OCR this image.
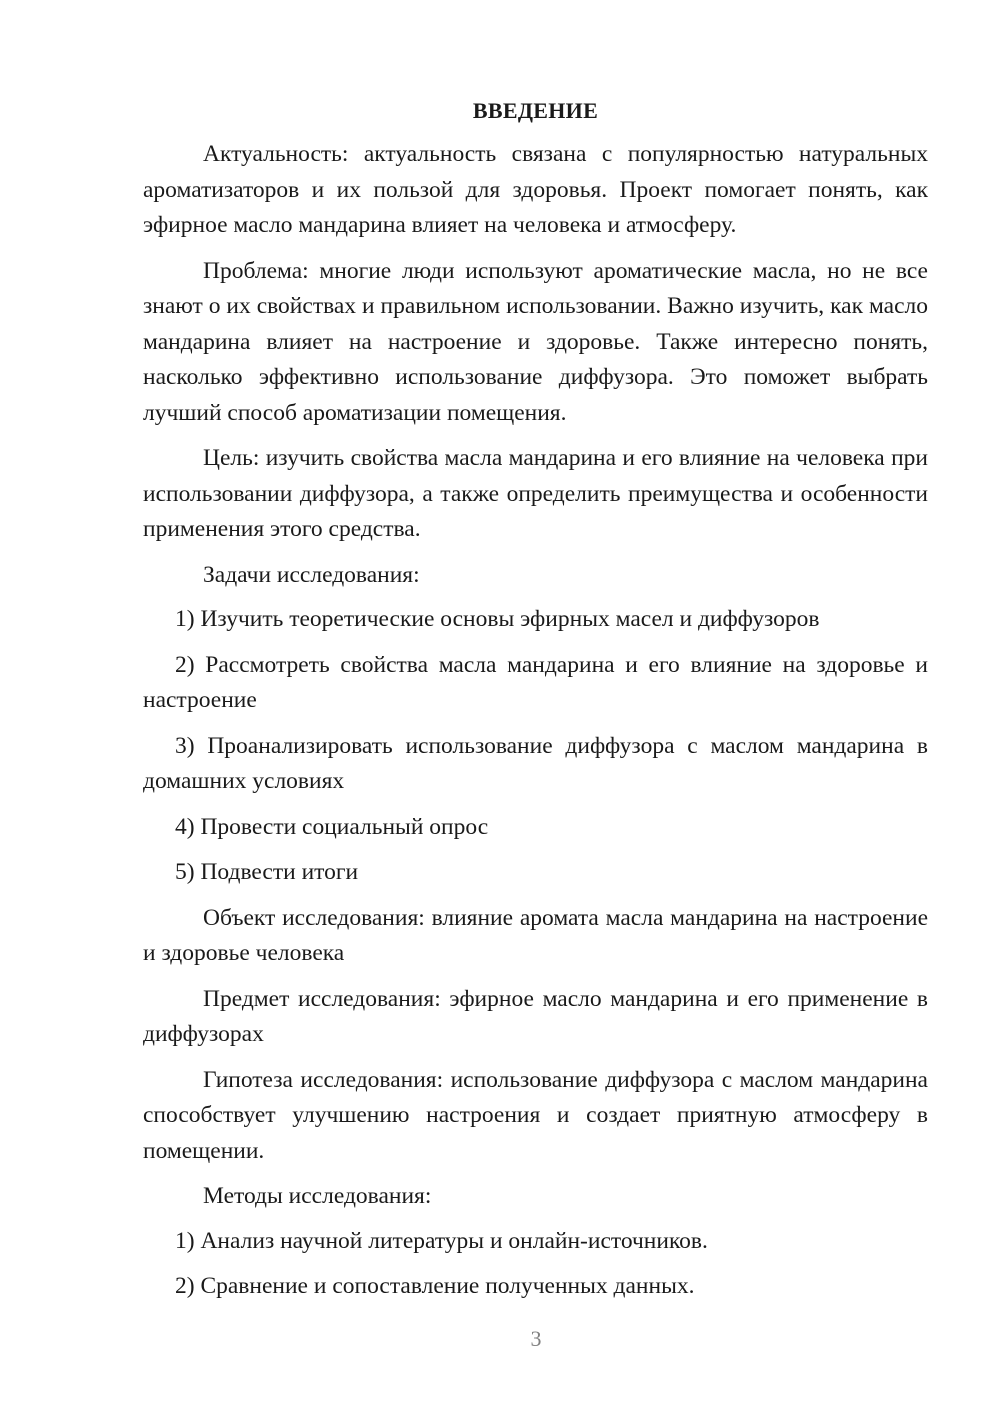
ВВЕДЕНИЕ
Актуальность: актуальность связана с популярностью натуральных ароматизаторов и их пользой для здоровья. Проект помогает понять, как эфирное масло мандарина влияет на человека и атмосферу.
Проблема: многие люди используют ароматические масла, но не все знают о их свойствах и правильном использовании. Важно изучить, как масло мандарина влияет на настроение и здоровье. Также интересно понять, насколько эффективно использование диффузора. Это поможет выбрать лучший способ ароматизации помещения.
Цель: изучить свойства масла мандарина и его влияние на человека при использовании диффузора, а также определить преимущества и особенности применения этого средства.
Задачи исследования:
1) Изучить теоретические основы эфирных масел и диффузоров
2) Рассмотреть свойства масла мандарина и его влияние на здоровье и настроение
3) Проанализировать использование диффузора с маслом мандарина в домашних условиях
4) Провести социальный опрос
5) Подвести итоги
Объект исследования: влияние аромата масла мандарина на настроение и здоровье человека
Предмет исследования: эфирное масло мандарина и его применение в диффузорах
Гипотеза исследования: использование диффузора с маслом мандарина способствует улучшению настроения и создает приятную атмосферу в помещении.
Методы исследования:
1) Анализ научной литературы и онлайн-источников.
2) Сравнение и сопоставление полученных данных.
3
